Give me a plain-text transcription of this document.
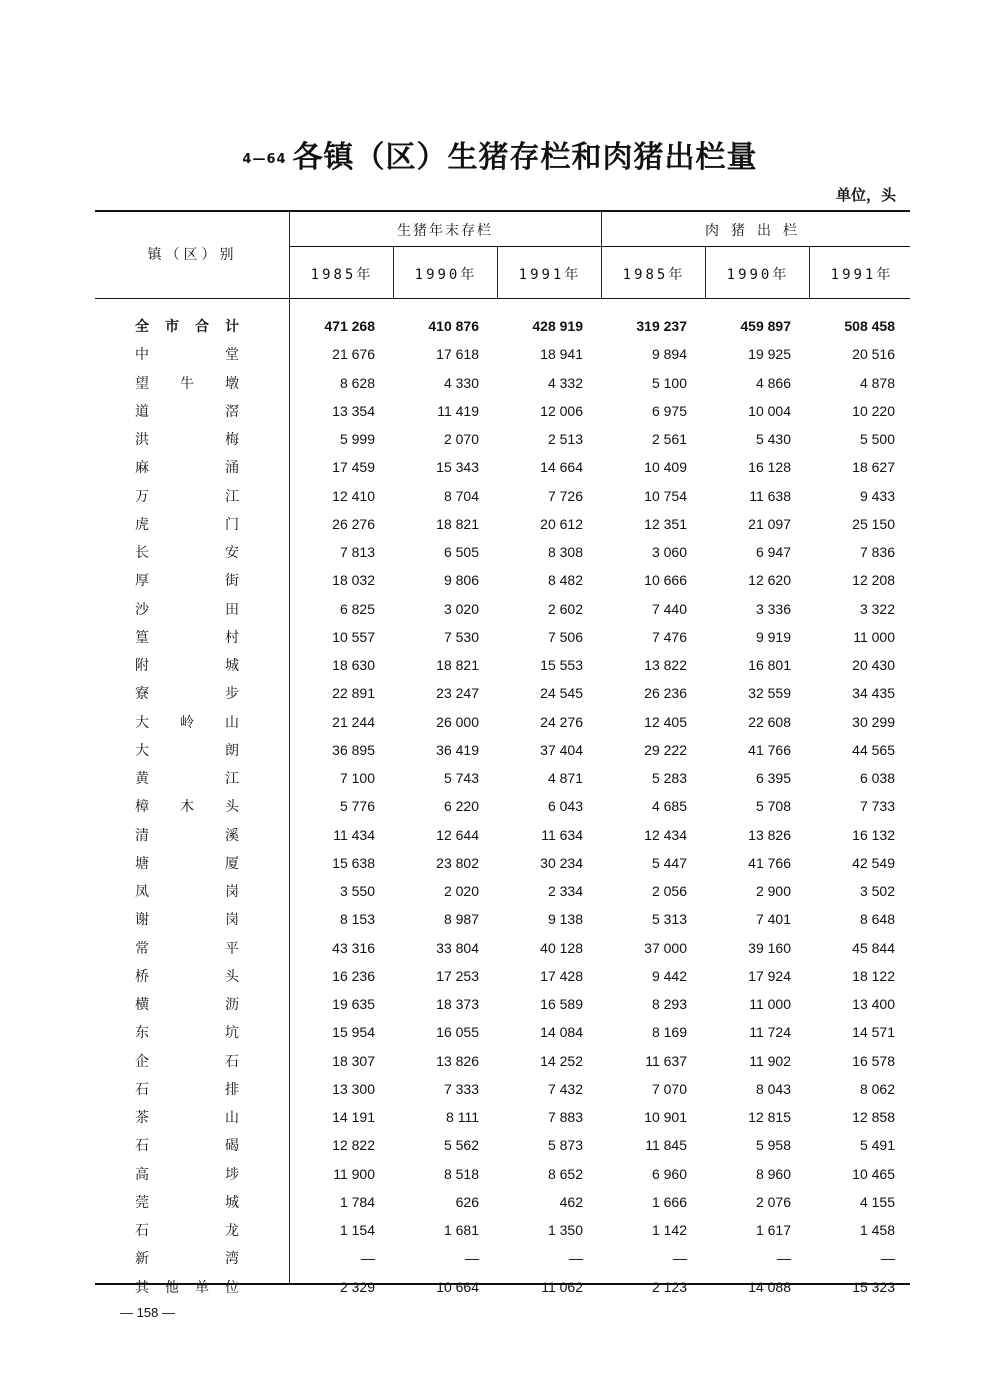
4—64 各镇（区）生猪存栏和肉猪出栏量
单位，头
镇（区）别
生猪年末存栏	肉猪出栏
1985年	1990年	1991年	1985年	1990年	1991年
全市合计	471 268	410 876	428 919	319 237	459 897	508 458
中堂	21 676	17 618	18 941	9 894	19 925	20 516
望牛墩	8 628	4 330	4 332	5 100	4 866	4 878
道滘	13 354	11 419	12 006	6 975	10 004	10 220
洪梅	5 999	2 070	2 513	2 561	5 430	5 500
麻涌	17 459	15 343	14 664	10 409	16 128	18 627
万江	12 410	8 704	7 726	10 754	11 638	9 433
虎门	26 276	18 821	20 612	12 351	21 097	25 150
长安	7 813	6 505	8 308	3 060	6 947	7 836
厚街	18 032	9 806	8 482	10 666	12 620	12 208
沙田	6 825	3 020	2 602	7 440	3 336	3 322
篁村	10 557	7 530	7 506	7 476	9 919	11 000
附城	18 630	18 821	15 553	13 822	16 801	20 430
寮步	22 891	23 247	24 545	26 236	32 559	34 435
大岭山	21 244	26 000	24 276	12 405	22 608	30 299
大朗	36 895	36 419	37 404	29 222	41 766	44 565
黄江	7 100	5 743	4 871	5 283	6 395	6 038
樟木头	5 776	6 220	6 043	4 685	5 708	7 733
清溪	11 434	12 644	11 634	12 434	13 826	16 132
塘厦	15 638	23 802	30 234	5 447	41 766	42 549
凤岗	3 550	2 020	2 334	2 056	2 900	3 502
谢岗	8 153	8 987	9 138	5 313	7 401	8 648
常平	43 316	33 804	40 128	37 000	39 160	45 844
桥头	16 236	17 253	17 428	9 442	17 924	18 122
横沥	19 635	18 373	16 589	8 293	11 000	13 400
东坑	15 954	16 055	14 084	8 169	11 724	14 571
企石	18 307	13 826	14 252	11 637	11 902	16 578
石排	13 300	7 333	7 432	7 070	8 043	8 062
茶山	14 191	8 111	7 883	10 901	12 815	12 858
石碣	12 822	5 562	5 873	11 845	5 958	5 491
高埗	11 900	8 518	8 652	6 960	8 960	10 465
莞城	1 784	626	462	1 666	2 076	4 155
石龙	1 154	1 681	1 350	1 142	1 617	1 458
新湾	—	—	—	—	—	—
其他单位	2 329	10 664	11 062	2 123	14 088	15 323
— 158 —
